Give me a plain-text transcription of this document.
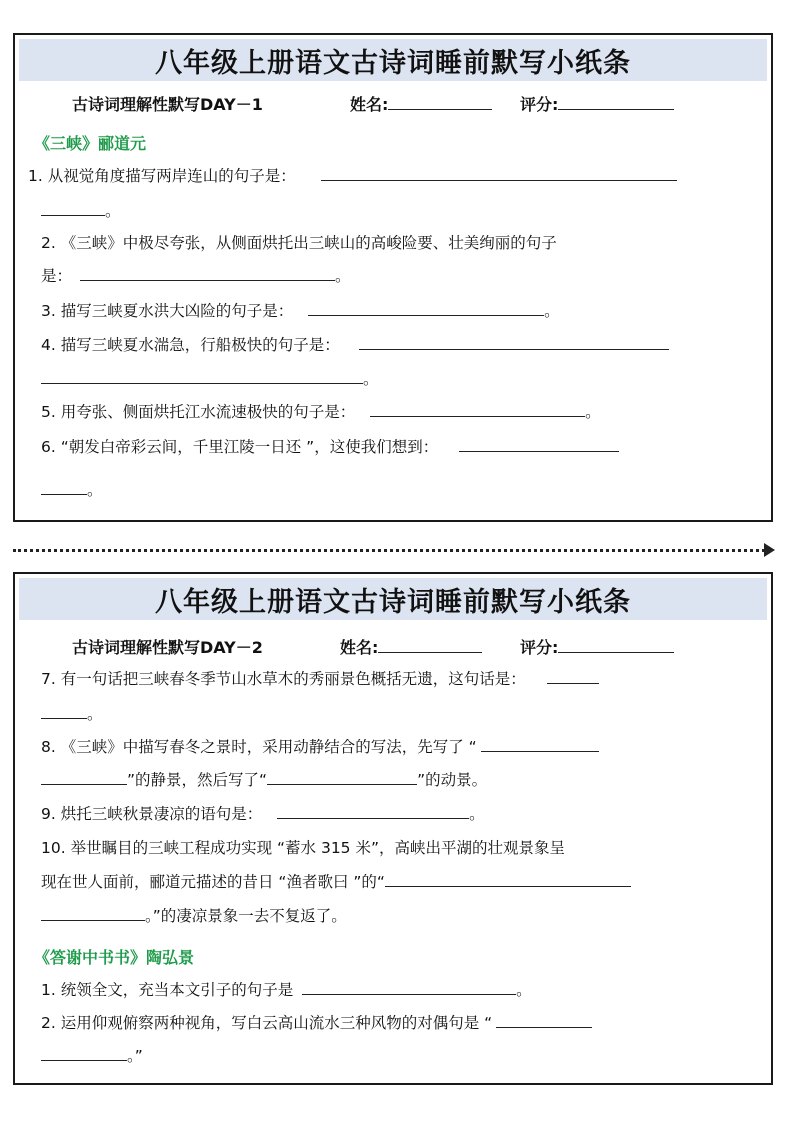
八年级上册语文古诗词睡前默写小纸条
古诗词理解性默写DAY－1	姓名:	评分:
《三峡》郦道元
1. 从视觉角度描写两岸连山的句子是：
。
2. 《三峡》中极尽夸张，从侧面烘托出三峡山的高峻险要、壮美绚丽的句子
是：	。
3. 描写三峡夏水洪大凶险的句子是：	。
4. 描写三峡夏水湍急，行船极快的句子是：
。
5. 用夸张、侧面烘托江水流速极快的句子是：	。
6. “朝发白帝彩云间，千里江陵一日还 ”，这使我们想到：
。
八年级上册语文古诗词睡前默写小纸条
古诗词理解性默写DAY－2	姓名:	评分:
7. 有一句话把三峡春冬季节山水草木的秀丽景色概括无遗，这句话是：
。
8. 《三峡》中描写春冬之景时，采用动静结合的写法，先写了 “
”的静景，然后写了“	”的动景。
9. 烘托三峡秋景凄凉的语句是：	。
10. 举世瞩目的三峡工程成功实现 “蓄水 315 米”，高峡出平湖的壮观景象呈
现在世人面前，郦道元描述的昔日 “渔者歌曰 ”的“
。”的凄凉景象一去不复返了。
《答谢中书书》陶弘景
1. 统领全文，充当本文引子的句子是	。
2. 运用仰观俯察两种视角，写白云高山流水三种风物的对偶句是 “
。”
